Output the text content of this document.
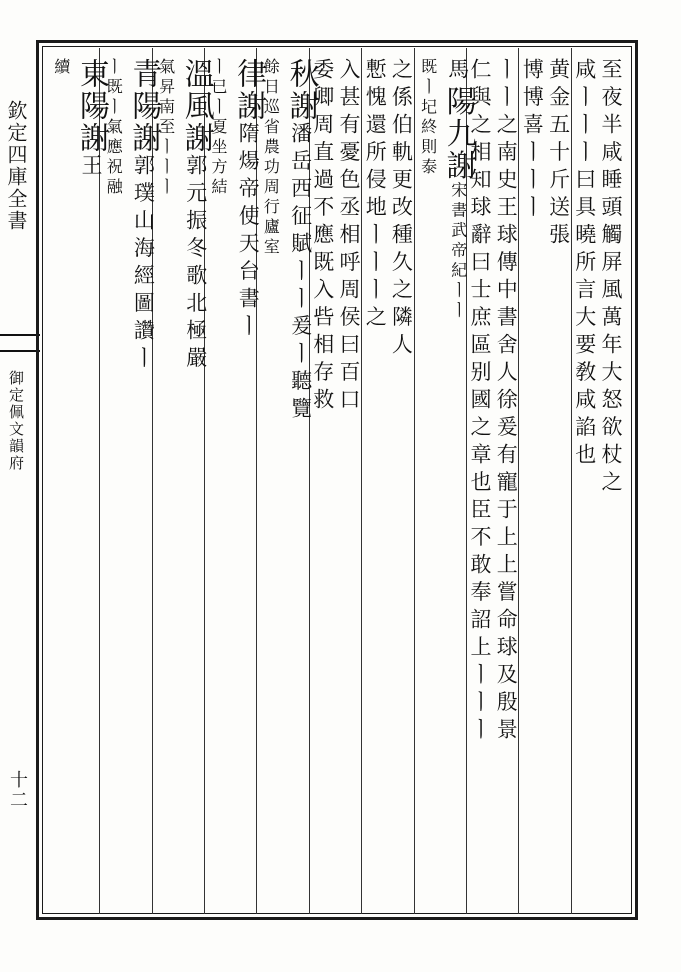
欽定四庫全書
御定佩文韻府
十二
至夜半咸睡頭觸屏風萬年大怒欲杖之
咸ㅣㅣㅣ曰具曉所言大要敎咸諂也
黄金五十斤送張
博博喜ㅣㅣㅣ
ㅣㅣ之南史王球傳中書舍人徐爰有寵于上上嘗命球及殷景
仁與之相知球辭曰士庶區别國之章也臣不敢奉詔上ㅣㅣㅣ
馬陽九謝宋書武帝紀ㅣㅣ
既ㅣ圮終則泰
之係伯軌更改種久之隣人
慙愧還所侵地ㅣㅣㅣ之
入甚有憂色丞相呼周侯曰百口
委卿周直過不應既入呰相存救
秋謝潘岳西征賦ㅣㅣ爰ㅣ聽覽
餘日巡省農功周行廬室
律謝隋煬帝使天台書ㅣ
ㅣ已ㅣ夏坐方結
溫風謝郭元振冬歌北極嚴
氣昇南至ㅣㅣㅣ
青陽謝郭璞山海經圖讚ㅣ
ㅣ既ㅣ氣應祝融
東陽謝王
續
